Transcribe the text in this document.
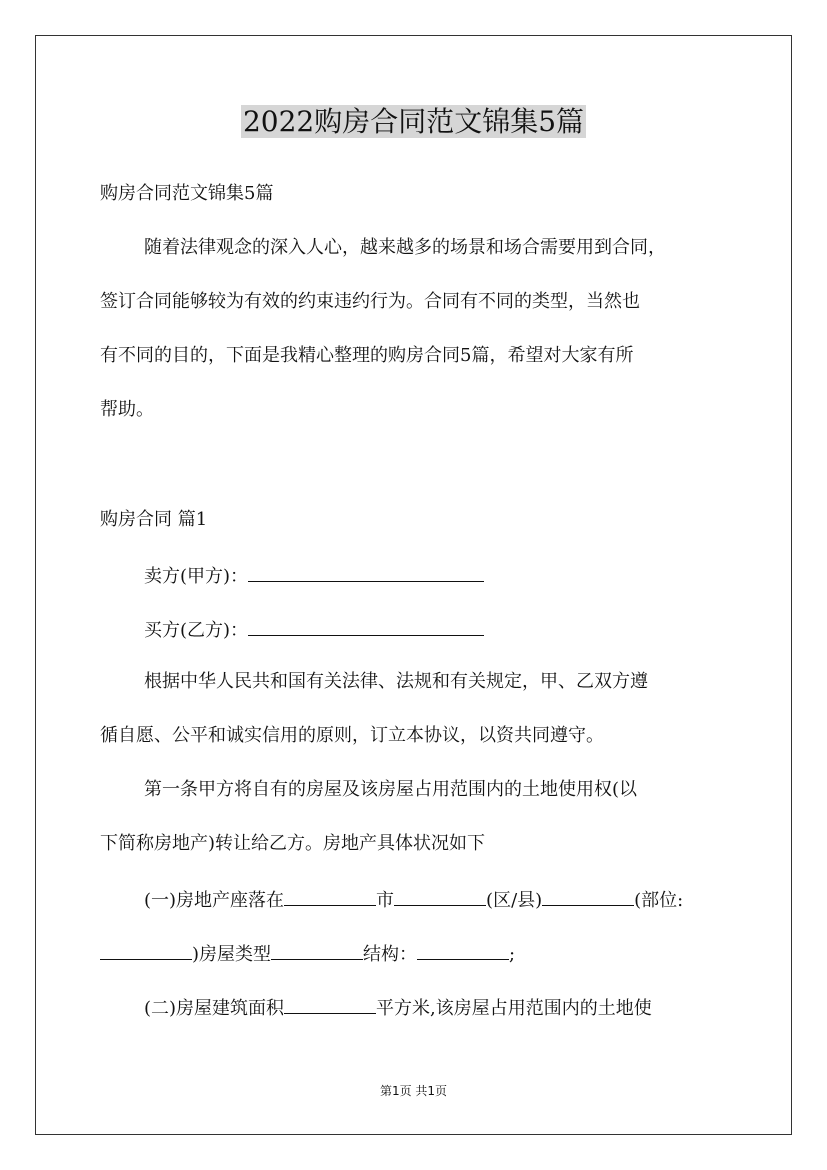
2022购房合同范文锦集5篇

购房合同范文锦集5篇

随着法律观念的深入人心，越来越多的场景和场合需要用到合同，

签订合同能够较为有效的约束违约行为。合同有不同的类型，当然也

有不同的目的，下面是我精心整理的购房合同5篇，希望对大家有所

帮助。

购房合同 篇1

卖方(甲方)：

买方(乙方)：

根据中华人民共和国有关法律、法规和有关规定，甲、乙双方遵

循自愿、公平和诚实信用的原则，订立本协议，以资共同遵守。

第一条甲方将自有的房屋及该房屋占用范围内的土地使用权(以

下简称房地产)转让给乙方。房地产具体状况如下

(一)房地产座落在	市	(区/县)	(部位:

)房屋类型	结构：	;

(二)房屋建筑面积	平方米,该房屋占用范围内的土地使

第1页 共1页
